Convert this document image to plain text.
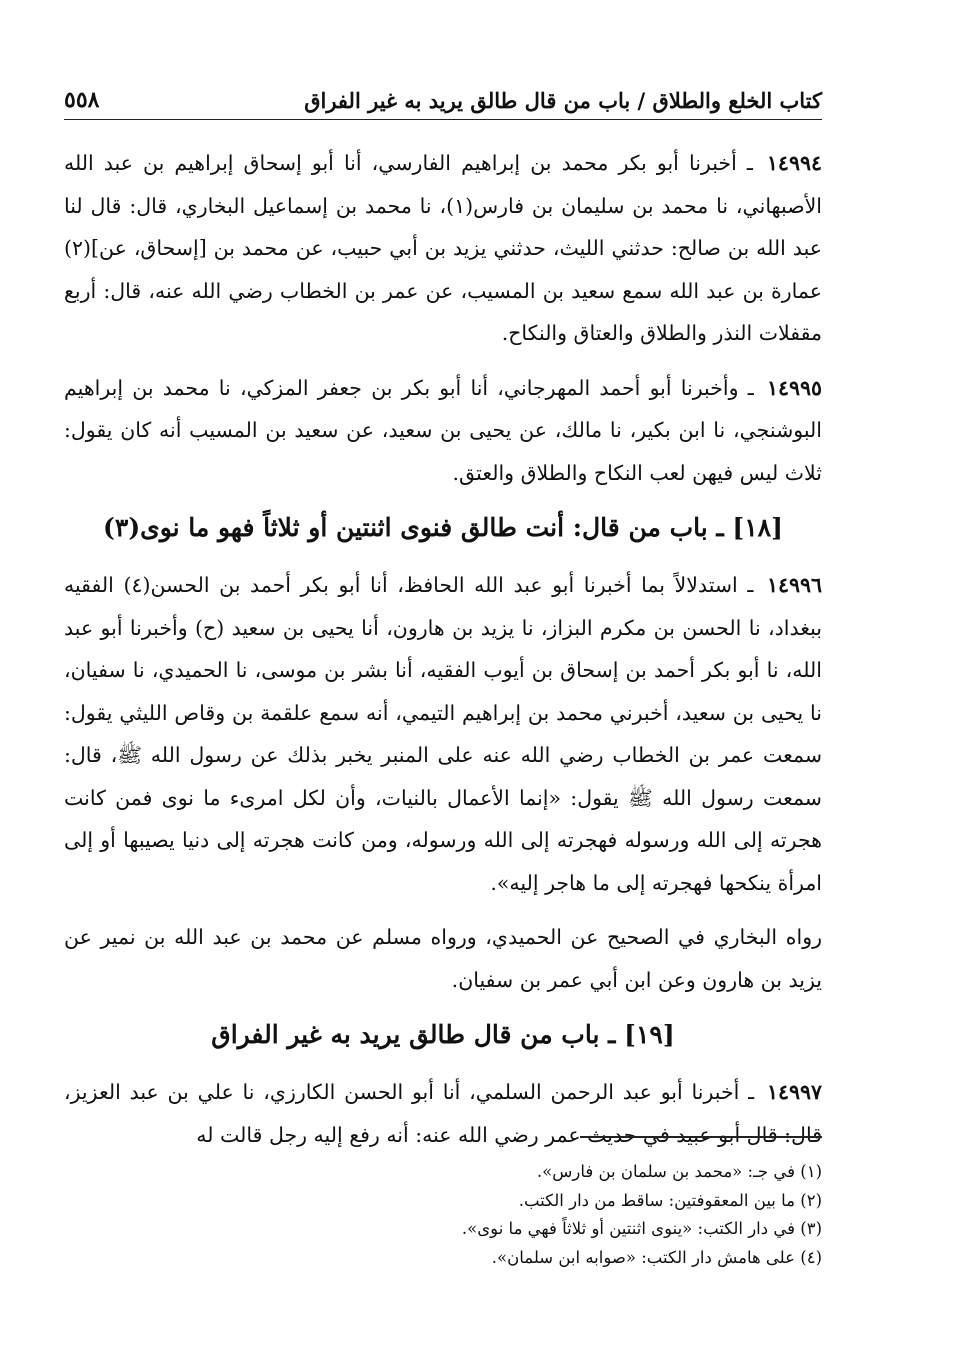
كتاب الخلع والطلاق / باب من قال طالق يريد به غير الفراق
٥٥٨

١٤٩٩٤ ـ أخبرنا أبو بكر محمد بن إبراهيم الفارسي، أنا أبو إسحاق إبراهيم بن عبد الله الأصبهاني، نا محمد بن سليمان بن فارس(١)، نا محمد بن إسماعيل البخاري، قال: قال لنا عبد الله بن صالح: حدثني الليث، حدثني يزيد بن أبي حبيب، عن محمد بن [إسحاق، عن](٢) عمارة بن عبد الله سمع سعيد بن المسيب، عن عمر بن الخطاب رضي الله عنه، قال: أربع مقفلات النذر والطلاق والعتاق والنكاح.

١٤٩٩٥ ـ وأخبرنا أبو أحمد المهرجاني، أنا أبو بكر بن جعفر المزكي، نا محمد بن إبراهيم البوشنجي، نا ابن بكير، نا مالك، عن يحيى بن سعيد، عن سعيد بن المسيب أنه كان يقول: ثلاث ليس فيهن لعب النكاح والطلاق والعتق.

[١٨] ـ باب من قال: أنت طالق فنوى اثنتين أو ثلاثاً فهو ما نوى(٣)

١٤٩٩٦ ـ استدلالاً بما أخبرنا أبو عبد الله الحافظ، أنا أبو بكر أحمد بن الحسن(٤) الفقيه ببغداد، نا الحسن بن مكرم البزاز، نا يزيد بن هارون، أنا يحيى بن سعيد (ح) وأخبرنا أبو عبد الله، نا أبو بكر أحمد بن إسحاق بن أيوب الفقيه، أنا بشر بن موسى، نا الحميدي، نا سفيان، نا يحيى بن سعيد، أخبرني محمد بن إبراهيم التيمي، أنه سمع علقمة بن وقاص الليثي يقول: سمعت عمر بن الخطاب رضي الله عنه على المنبر يخبر بذلك عن رسول الله ﷺ، قال: سمعت رسول الله ﷺ يقول: «إنما الأعمال بالنيات، وأن لكل امرىء ما نوى فمن كانت هجرته إلى الله ورسوله فهجرته إلى الله ورسوله، ومن كانت هجرته إلى دنيا يصيبها أو إلى امرأة ينكحها فهجرته إلى ما هاجر إليه».

رواه البخاري في الصحيح عن الحميدي، ورواه مسلم عن محمد بن عبد الله بن نمير عن يزيد بن هارون وعن ابن أبي عمر بن سفيان.

[١٩] ـ باب من قال طالق يريد به غير الفراق

١٤٩٩٧ ـ أخبرنا أبو عبد الرحمن السلمي، أنا أبو الحسن الكارزي، نا علي بن عبد العزيز، قال: قال أبو عبيد في حديث عمر رضي الله عنه: أنه رفع إليه رجل قالت له

(١) في جـ: «محمد بن سلمان بن فارس».
(٢) ما بين المعقوفتين: ساقط من دار الكتب.
(٣) في دار الكتب: «ينوى اثنتين أو ثلاثاً فهي ما نوى».
(٤) على هامش دار الكتب: «صوابه ابن سلمان».
